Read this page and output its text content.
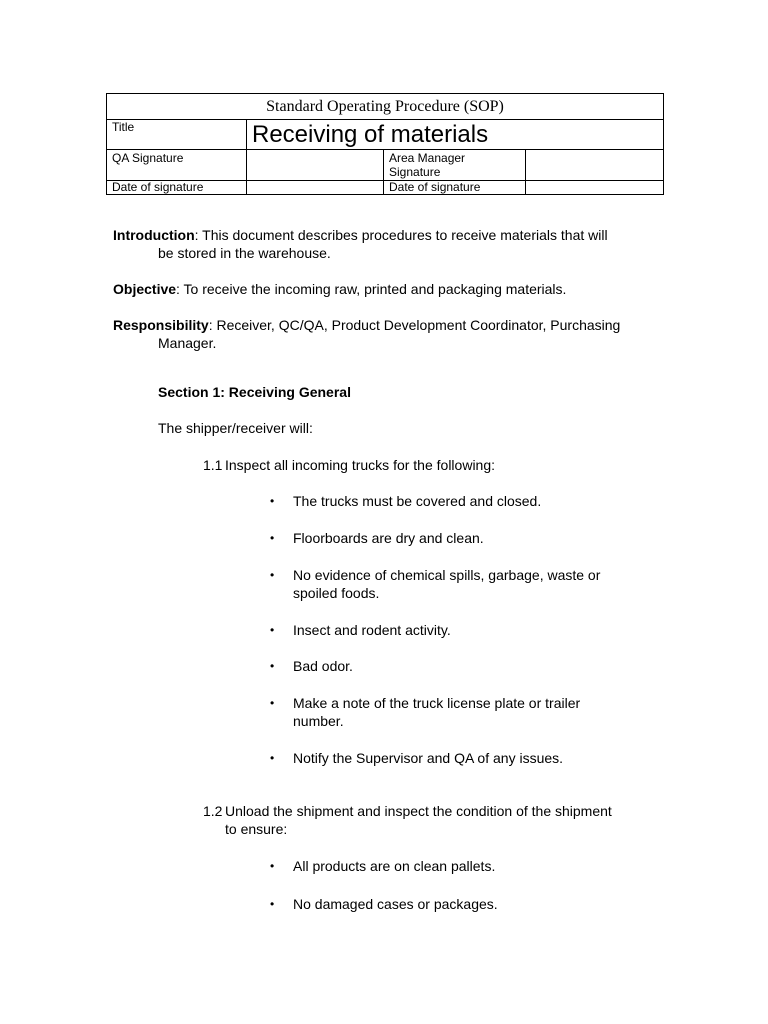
Standard Operating Procedure (SOP)			
Title	Receiving of materials		
QA Signature		Area Manager
Signature	
Date of signature		Date of signature	

Introduction: This document describes procedures to receive materials that will
be stored in the warehouse.

Objective: To receive the incoming raw, printed and packaging materials.

Responsibility: Receiver, QC/QA, Product Development Coordinator, Purchasing
Manager.

Section 1: Receiving General
The shipper/receiver will:
1.1 Inspect all incoming trucks for the following:
• The trucks must be covered and closed.
• Floorboards are dry and clean.
• No evidence of chemical spills, garbage, waste or
spoiled foods.
• Insect and rodent activity.
• Bad odor.
• Make a note of the truck license plate or trailer
number.
• Notify the Supervisor and QA of any issues.
1.2 Unload the shipment and inspect the condition of the shipment
to ensure:
• All products are on clean pallets.
• No damaged cases or packages.
